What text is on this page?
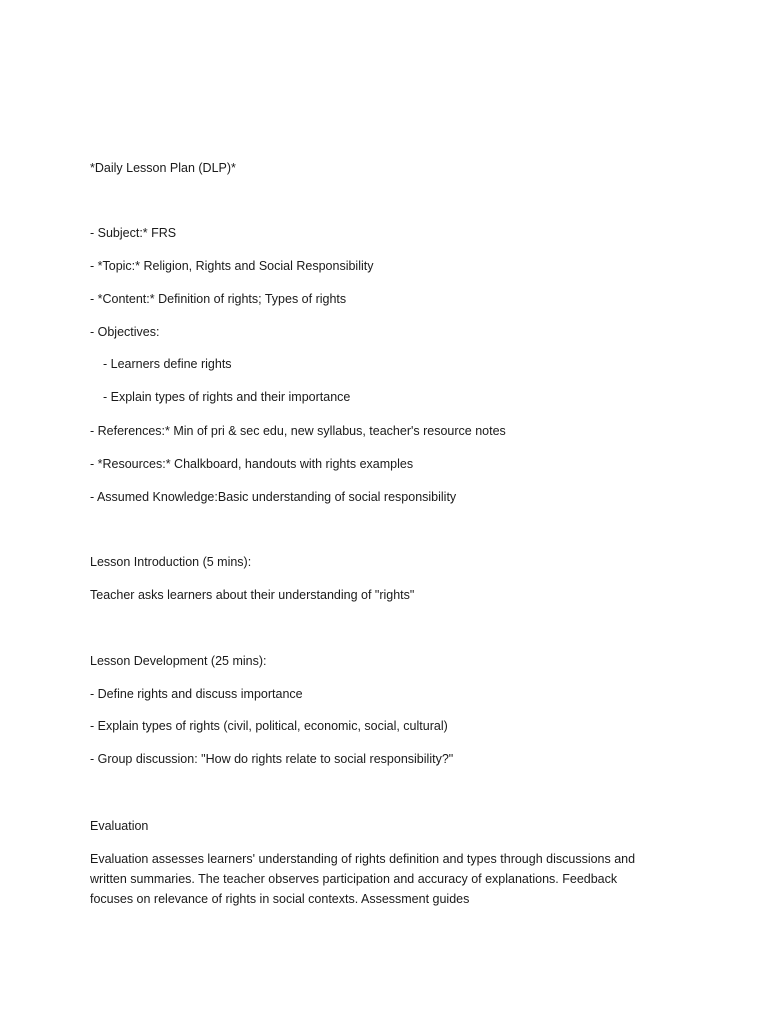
*Daily Lesson Plan (DLP)*
- Subject:* FRS
- *Topic:* Religion, Rights and Social Responsibility
- *Content:* Definition of rights; Types of rights
- Objectives:
- Learners define rights
- Explain types of rights and their importance
- References:* Min of pri & sec edu, new syllabus, teacher's resource notes
- *Resources:* Chalkboard, handouts with rights examples
- Assumed Knowledge:Basic understanding of social responsibility
Lesson Introduction (5 mins):
Teacher asks learners about their understanding of "rights"
Lesson Development (25 mins):
- Define rights and discuss importance
- Explain types of rights (civil, political, economic, social, cultural)
- Group discussion: "How do rights relate to social responsibility?"
Evaluation
Evaluation assesses learners' understanding of rights definition and types through discussions and written summaries. The teacher observes participation and accuracy of explanations. Feedback focuses on relevance of rights in social contexts. Assessment guides
